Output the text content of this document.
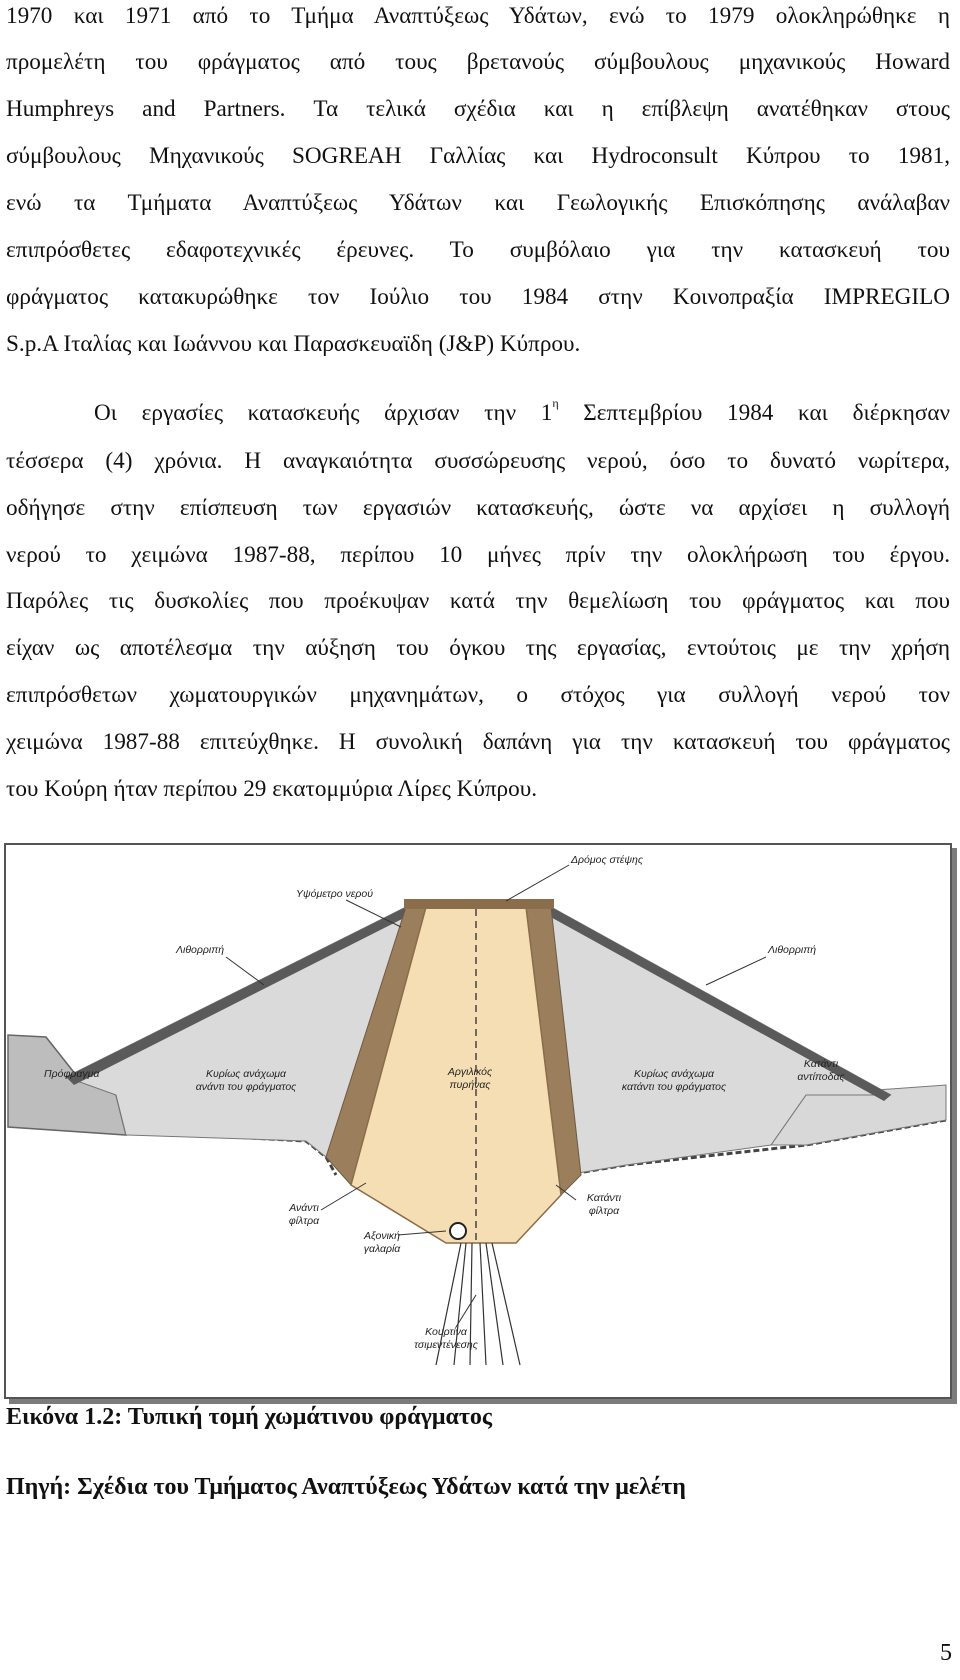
1970 και 1971 από το Τμήμα Αναπτύξεως Υδάτων, ενώ το 1979 ολοκληρώθηκε η
προμελέτη του φράγματος από τους βρετανούς σύμβουλους μηχανικούς Howard
Humphreys and Partners. Τα τελικά σχέδια και η επίβλεψη ανατέθηκαν στους
σύμβουλους Μηχανικούς SOGREAH Γαλλίας και Hydroconsult Κύπρου το 1981,
ενώ τα Τμήματα Αναπτύξεως Υδάτων και Γεωλογικής Επισκόπησης ανάλαβαν
επιπρόσθετες εδαφοτεχνικές έρευνες. Το συμβόλαιο για την κατασκευή του
φράγματος κατακυρώθηκε τον Ιούλιο του 1984 στην Κοινοπραξία IMPREGILO
S.p.A Ιταλίας και Ιωάννου και Παρασκευαϊδη (J&P) Κύπρου.
Οι εργασίες κατασκευής άρχισαν την $1^\eta$ Σεπτεμβρίου 1984 και διέρκησαν
τέσσερα (4) χρόνια. Η αναγκαιότητα συσσώρευσης νερού, όσο το δυνατό νωρίτερα,
οδήγησε στην επίσπευση των εργασιών κατασκευής, ώστε να αρχίσει η συλλογή
νερού το χειμώνα 1987-88, περίπου 10 μήνες πρίν την ολοκλήρωση του έργου.
Παρόλες τις δυσκολίες που προέκυψαν κατά την θεμελίωση του φράγματος και που
είχαν ως αποτέλεσμα την αύξηση του όγκου της εργασίας, εντούτοις με την χρήση
επιπρόσθετων χωματουργικών μηχανημάτων, ο στόχος για συλλογή νερού τον
χειμώνα 1987-88 επιτεύχθηκε. Η συνολική δαπάνη για την κατασκευή του φράγματος
του Κούρη ήταν περίπου 29 εκατομμύρια Λίρες Κύπρου.
Δρόμος στέψης
Υψόμετρο νερού
Λιθορριπή	Λιθορριπή
Κυρίως ανάχωμα
ανάντι του φράγματος
Αργιλικός
πυρήνας
Κυρίως ανάχωμα
κατάντι του φράγματος
Πρόφραγμα
Κατάντι
αντίποδας
Ανάντι
φίλτρα
Κατάντι
φίλτρα
Αξονική
γαλαρία
Κουρτίνα
τσιμεντένεσης
Εικόνα 1.2: Τυπική τομή χωμάτινου φράγματος
Πηγή: Σχέδια του Τμήματος Αναπτύξεως Υδάτων κατά την μελέτη
5
